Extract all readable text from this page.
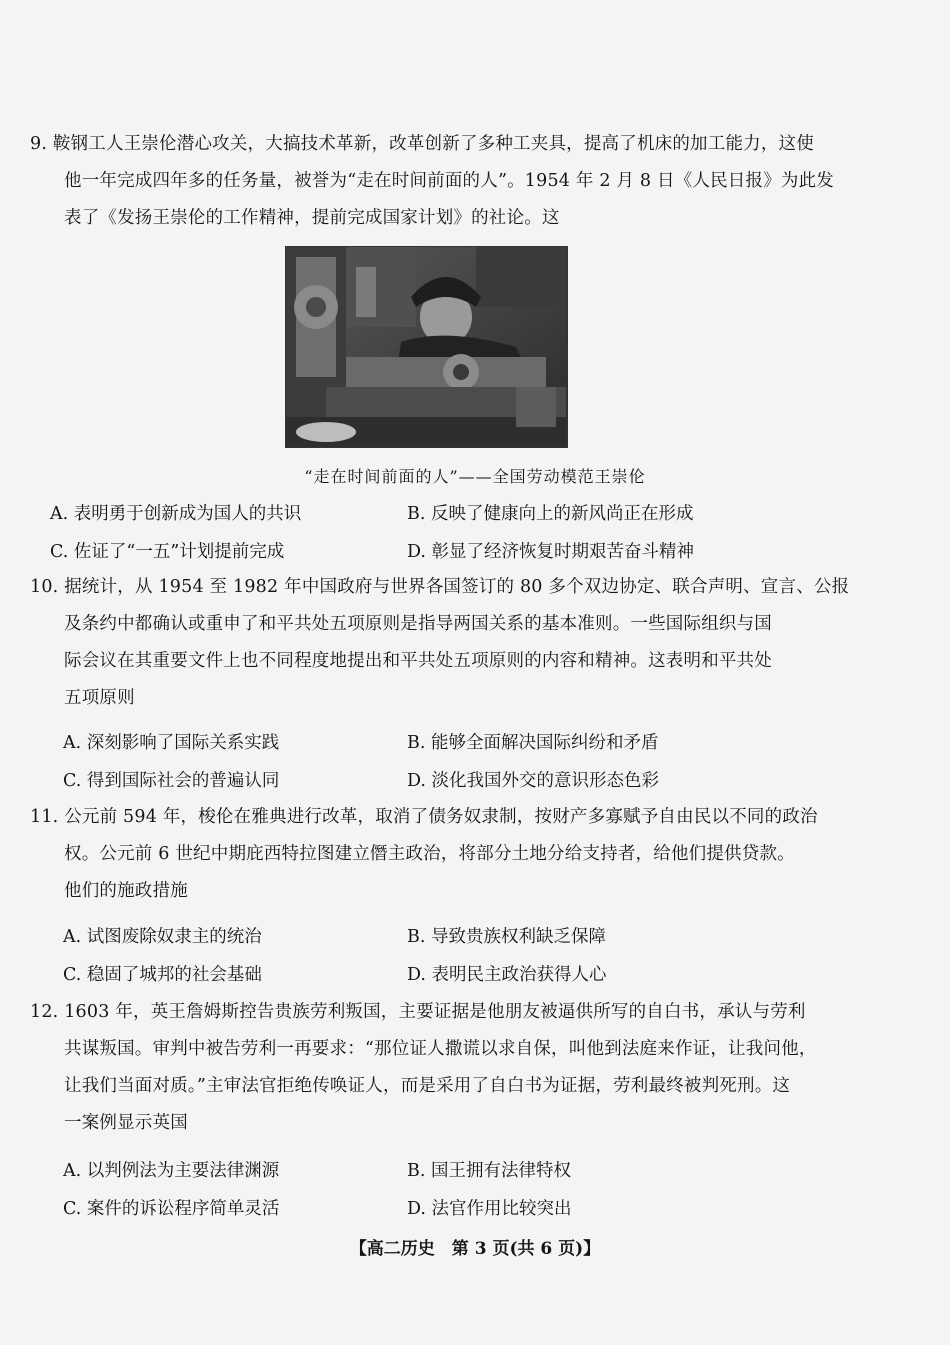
9. 鞍钢工人王崇伦潜心攻关，大搞技术革新，改革创新了多种工夹具，提高了机床的加工能力，这使
他一年完成四年多的任务量，被誉为“走在时间前面的人”。1954 年 2 月 8 日《人民日报》为此发
表了《发扬王崇伦的工作精神，提前完成国家计划》的社论。这
“走在时间前面的人”——全国劳动模范王崇伦
A. 表明勇于创新成为国人的共识	B. 反映了健康向上的新风尚正在形成
C. 佐证了“一五”计划提前完成	D. 彰显了经济恢复时期艰苦奋斗精神
10. 据统计，从 1954 至 1982 年中国政府与世界各国签订的 80 多个双边协定、联合声明、宣言、公报
及条约中都确认或重申了和平共处五项原则是指导两国关系的基本准则。一些国际组织与国
际会议在其重要文件上也不同程度地提出和平共处五项原则的内容和精神。这表明和平共处
五项原则
A. 深刻影响了国际关系实践	B. 能够全面解决国际纠纷和矛盾
C. 得到国际社会的普遍认同	D. 淡化我国外交的意识形态色彩
11. 公元前 594 年，梭伦在雅典进行改革，取消了债务奴隶制，按财产多寡赋予自由民以不同的政治
权。公元前 6 世纪中期庇西特拉图建立僭主政治，将部分土地分给支持者，给他们提供贷款。
他们的施政措施
A. 试图废除奴隶主的统治	B. 导致贵族权利缺乏保障
C. 稳固了城邦的社会基础	D. 表明民主政治获得人心
12. 1603 年，英王詹姆斯控告贵族劳利叛国，主要证据是他朋友被逼供所写的自白书，承认与劳利
共谋叛国。审判中被告劳利一再要求：“那位证人撒谎以求自保，叫他到法庭来作证，让我问他，
让我们当面对质。”主审法官拒绝传唤证人，而是采用了自白书为证据，劳利最终被判死刑。这
一案例显示英国
A. 以判例法为主要法律渊源	B. 国王拥有法律特权
C. 案件的诉讼程序简单灵活	D. 法官作用比较突出
【高二历史　第 3 页(共 6 页)】
